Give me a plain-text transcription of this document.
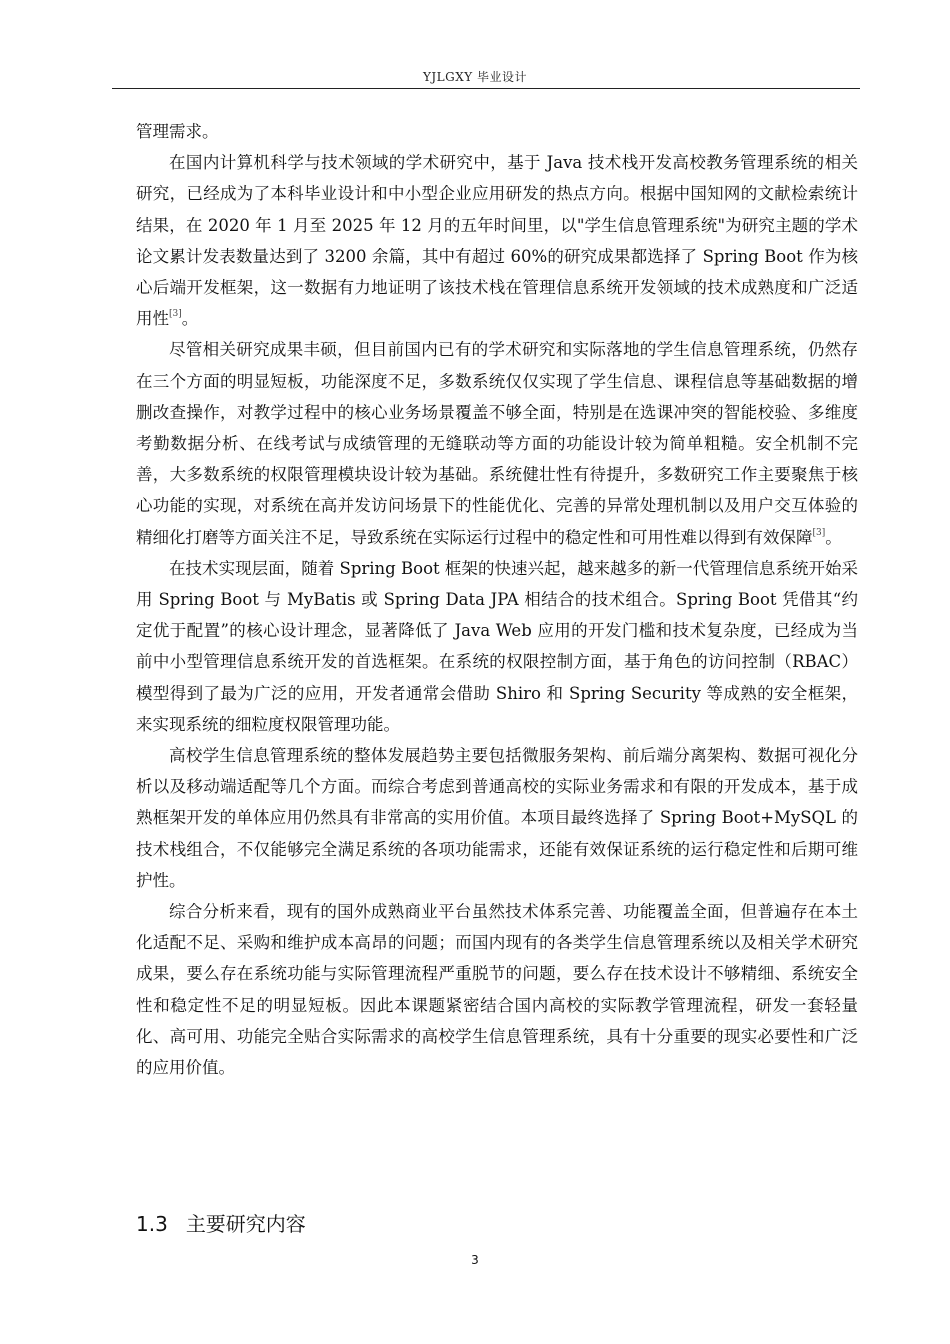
YJLGXY 毕业设计

管理需求。

在国内计算机科学与技术领域的学术研究中，基于 Java 技术栈开发高校教务管理系统的相关研究，已经成为了本科毕业设计和中小型企业应用研发的热点方向。根据中国知网的文献检索统计结果，在 2020 年 1 月至 2025 年 12 月的五年时间里，以"学生信息管理系统"为研究主题的学术论文累计发表数量达到了 3200 余篇，其中有超过 60%的研究成果都选择了 Spring Boot 作为核心后端开发框架，这一数据有力地证明了该技术栈在管理信息系统开发领域的技术成熟度和广泛适用性[3]。

尽管相关研究成果丰硕，但目前国内已有的学术研究和实际落地的学生信息管理系统，仍然存在三个方面的明显短板，功能深度不足，多数系统仅仅实现了学生信息、课程信息等基础数据的增删改查操作，对教学过程中的核心业务场景覆盖不够全面，特别是在选课冲突的智能校验、多维度考勤数据分析、在线考试与成绩管理的无缝联动等方面的功能设计较为简单粗糙。安全机制不完善，大多数系统的权限管理模块设计较为基础。系统健壮性有待提升，多数研究工作主要聚焦于核心功能的实现，对系统在高并发访问场景下的性能优化、完善的异常处理机制以及用户交互体验的精细化打磨等方面关注不足，导致系统在实际运行过程中的稳定性和可用性难以得到有效保障[3]。

在技术实现层面，随着 Spring Boot 框架的快速兴起，越来越多的新一代管理信息系统开始采用 Spring Boot 与 MyBatis 或 Spring Data JPA 相结合的技术组合。Spring Boot 凭借其“约定优于配置”的核心设计理念，显著降低了 Java Web 应用的开发门槛和技术复杂度，已经成为当前中小型管理信息系统开发的首选框架。在系统的权限控制方面，基于角色的访问控制（RBAC）模型得到了最为广泛的应用，开发者通常会借助 Shiro 和 Spring Security 等成熟的安全框架，来实现系统的细粒度权限管理功能。

高校学生信息管理系统的整体发展趋势主要包括微服务架构、前后端分离架构、数据可视化分析以及移动端适配等几个方面。而综合考虑到普通高校的实际业务需求和有限的开发成本，基于成熟框架开发的单体应用仍然具有非常高的实用价值。本项目最终选择了 Spring Boot+MySQL 的技术栈组合，不仅能够完全满足系统的各项功能需求，还能有效保证系统的运行稳定性和后期可维护性。

综合分析来看，现有的国外成熟商业平台虽然技术体系完善、功能覆盖全面，但普遍存在本土化适配不足、采购和维护成本高昂的问题；而国内现有的各类学生信息管理系统以及相关学术研究成果，要么存在系统功能与实际管理流程严重脱节的问题，要么存在技术设计不够精细、系统安全性和稳定性不足的明显短板。因此本课题紧密结合国内高校的实际教学管理流程，研发一套轻量化、高可用、功能完全贴合实际需求的高校学生信息管理系统，具有十分重要的现实必要性和广泛的应用价值。

1.3 主要研究内容
3
